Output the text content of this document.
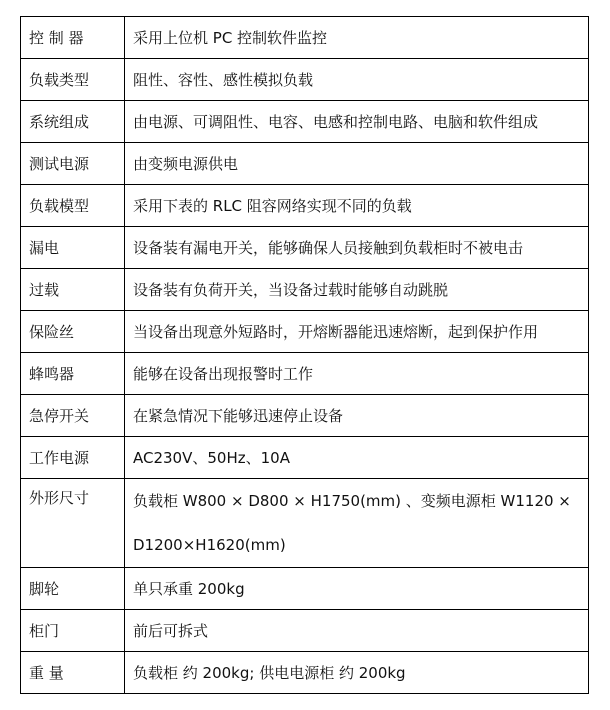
控 制 器	采用上位机 PC 控制软件监控
负载类型	阻性、容性、感性模拟负载
系统组成	由电源、可调阻性、电容、电感和控制电路、电脑和软件组成
测试电源	由变频电源供电
负载模型	采用下表的 RLC 阻容网络实现不同的负载
漏电	设备装有漏电开关，能够确保人员接触到负载柜时不被电击
过载	设备装有负荷开关，当设备过载时能够自动跳脱
保险丝	当设备出现意外短路时，开熔断器能迅速熔断，起到保护作用
蜂鸣器	能够在设备出现报警时工作
急停开关	在紧急情况下能够迅速停止设备
工作电源	AC230V、50Hz、10A
外形尺寸	负载柜 W800 × D800 × H1750(mm) 、变频电源柜 W1120 × D1200×H1620(mm)
脚轮	单只承重 200kg
柜门	前后可拆式
重 量	负载柜 约 200kg; 供电电源柜 约 200kg
